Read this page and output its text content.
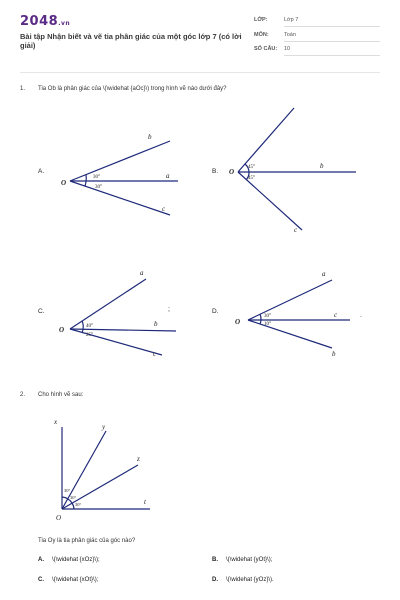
2048.vn
Bài tập Nhận biết và vẽ tia phân giác của một góc lớp 7 (có lời giải)
LỚP:	Lớp 7
MÔN:	Toán
SỐ CÂU: 10
1. Tia Ob là phân giác của \(\widehat {aOc}\) trong hình vẽ nào dưới đây?
A.	B.
C.	D.
;
.
O
b
a
c
30°
30°
O
b
c
45°
45°
O
a
b
c
40°
25°
O
a
c
b
30°
10°
2. Cho hình vẽ sau:
x
y
z
t
O
30°
30°
30°
Tia Oy là tia phân giác của góc nào?
A. \(\widehat {xOz}\);	B. \(\widehat {yOt}\);
C. \(\widehat {xOt}\);	D. \(\widehat {yOz}\).
